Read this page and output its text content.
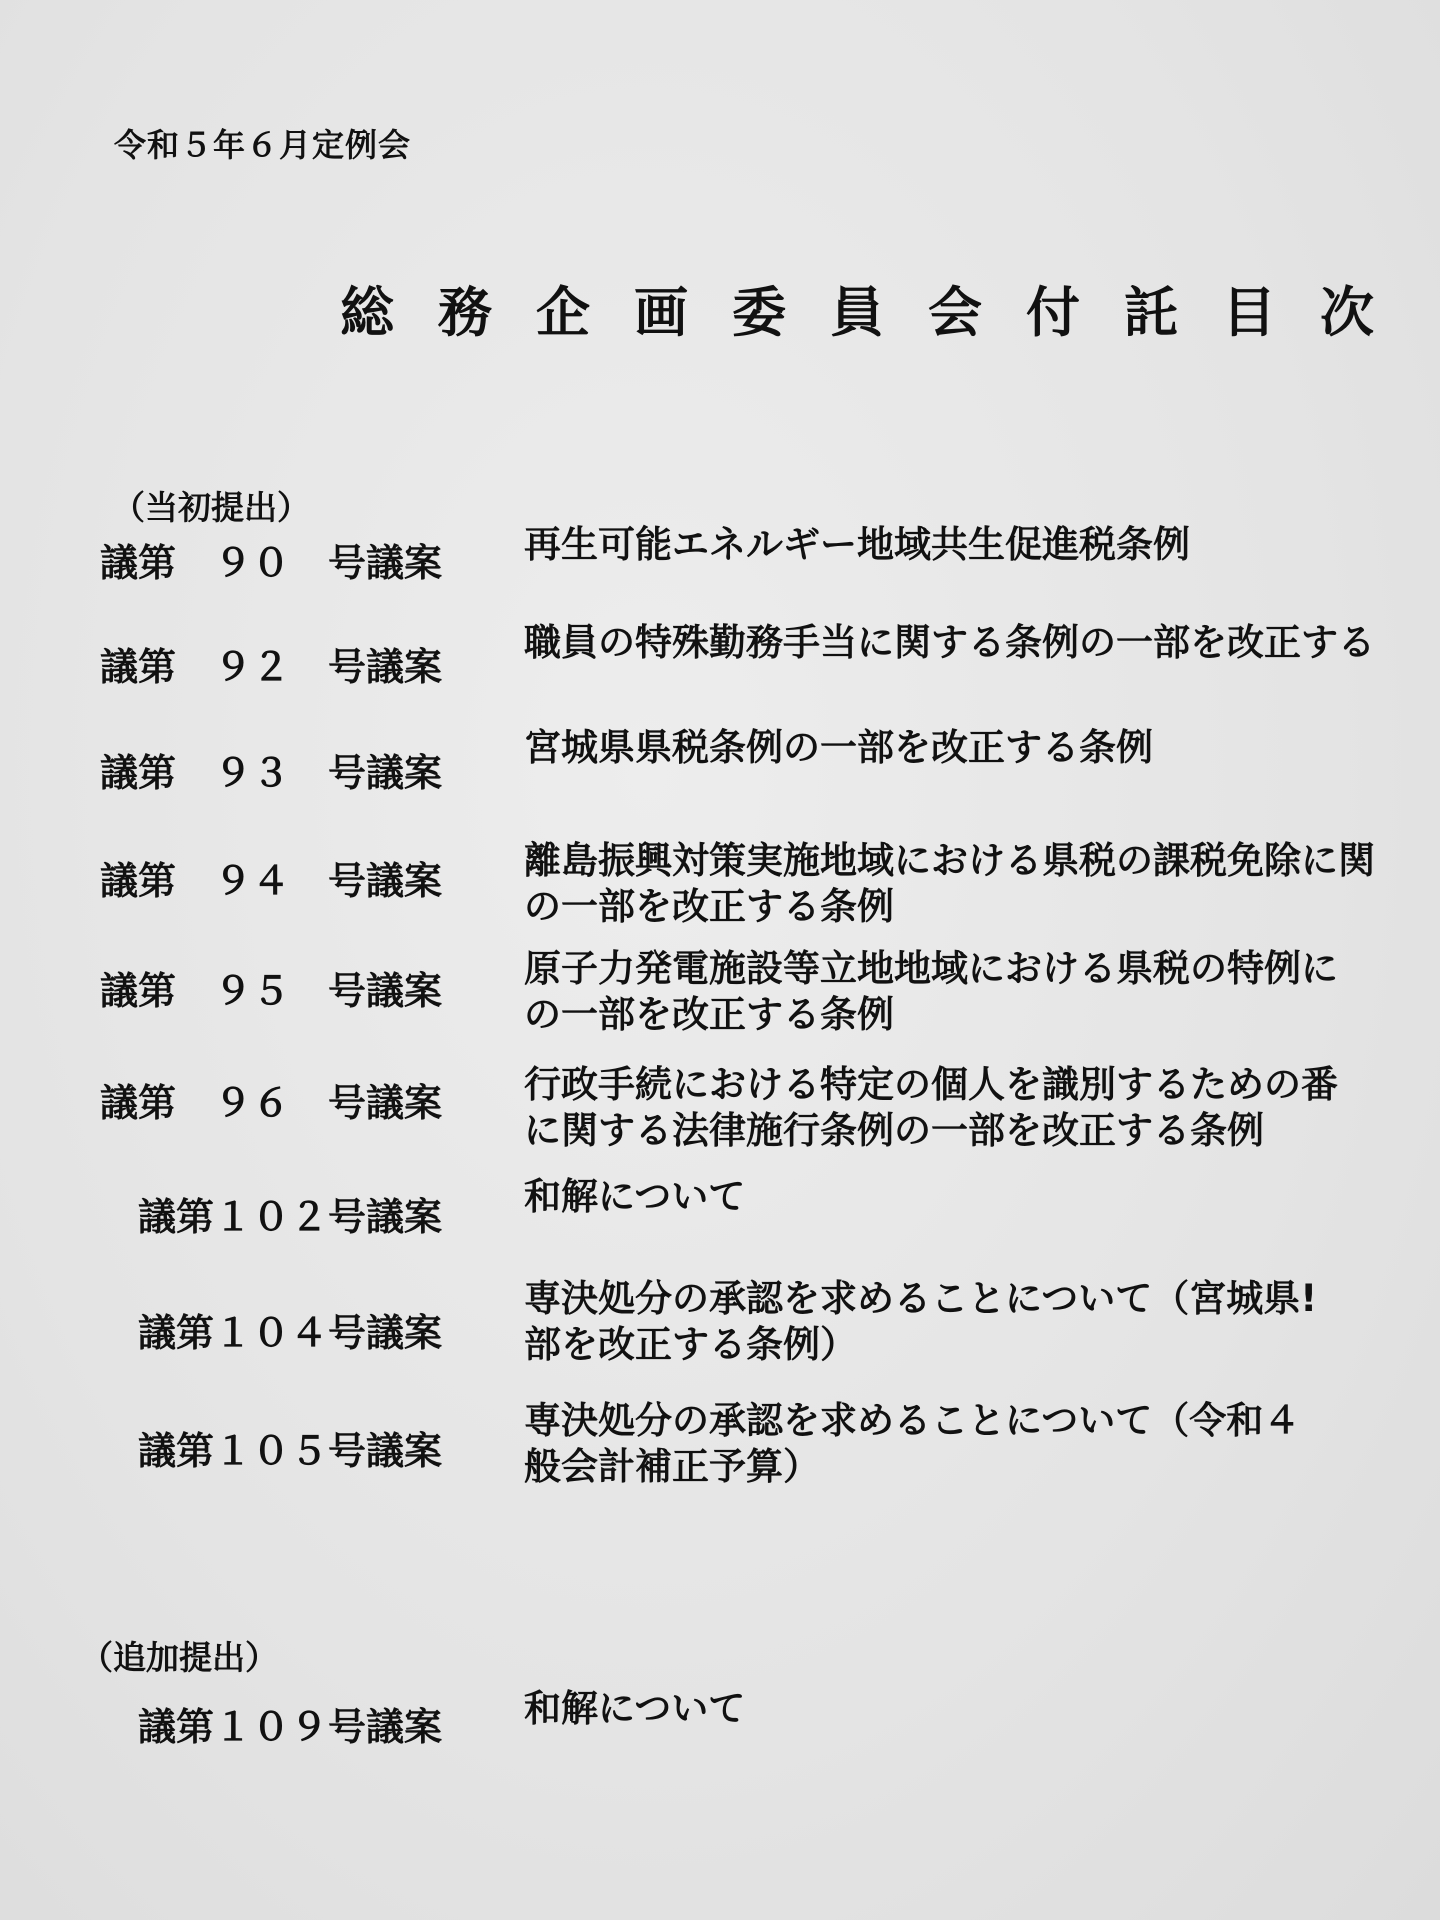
令和５年６月定例会
総務企画委員会付託目次
（当初提出）
議第　９０　号議案 再生可能エネルギー地域共生促進税条例
議第　９２　号議案
職員の特殊勤務手当に関する条例の一部を改正する
議第　９３　号議案
宮城県県税条例の一部を改正する条例
議第　９４　号議案 離島振興対策実施地域における県税の課税免除に関
の一部を改正する条例
議第　９５　号議案
原子力発電施設等立地地域における県税の特例に
の一部を改正する条例
議第　９６　号議案 行政手続における特定の個人を識別するための番
に関する法律施行条例の一部を改正する条例
議第１０２号議案 和解について
議第１０４号議案
専決処分の承認を求めることについて（宮城県!
部を改正する条例）
議第１０５号議案
専決処分の承認を求めることについて（令和４
般会計補正予算）
（追加提出）
議第１０９号議案 和解について
